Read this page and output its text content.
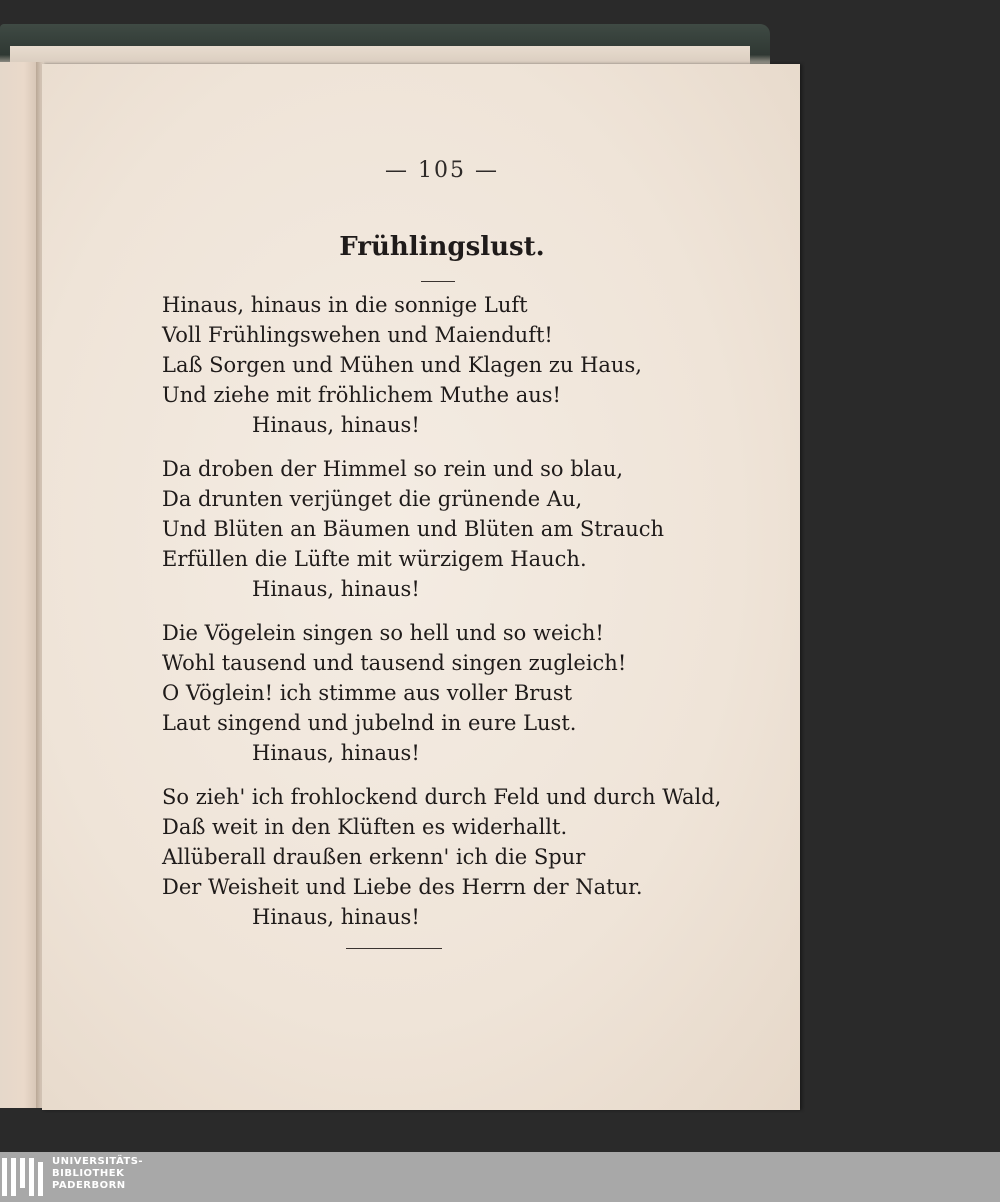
— 105 —
Frühlingslust.
Hinaus, hinaus in die sonnige Luft
Voll Frühlingswehen und Maienduft!
Laß Sorgen und Mühen und Klagen zu Haus,
Und ziehe mit fröhlichem Muthe aus!
Hinaus, hinaus!
Da droben der Himmel so rein und so blau,
Da drunten verjünget die grünende Au,
Und Blüten an Bäumen und Blüten am Strauch
Erfüllen die Lüfte mit würzigem Hauch.
Hinaus, hinaus!
Die Vögelein singen so hell und so weich!
Wohl tausend und tausend singen zugleich!
O Vöglein! ich stimme aus voller Brust
Laut singend und jubelnd in eure Lust.
Hinaus, hinaus!
So zieh' ich frohlockend durch Feld und durch Wald,
Daß weit in den Klüften es widerhallt.
Allüberall draußen erkenn' ich die Spur
Der Weisheit und Liebe des Herrn der Natur.
Hinaus, hinaus!
UNIVERSITÄTS-
BIBLIOTHEK
PADERBORN
